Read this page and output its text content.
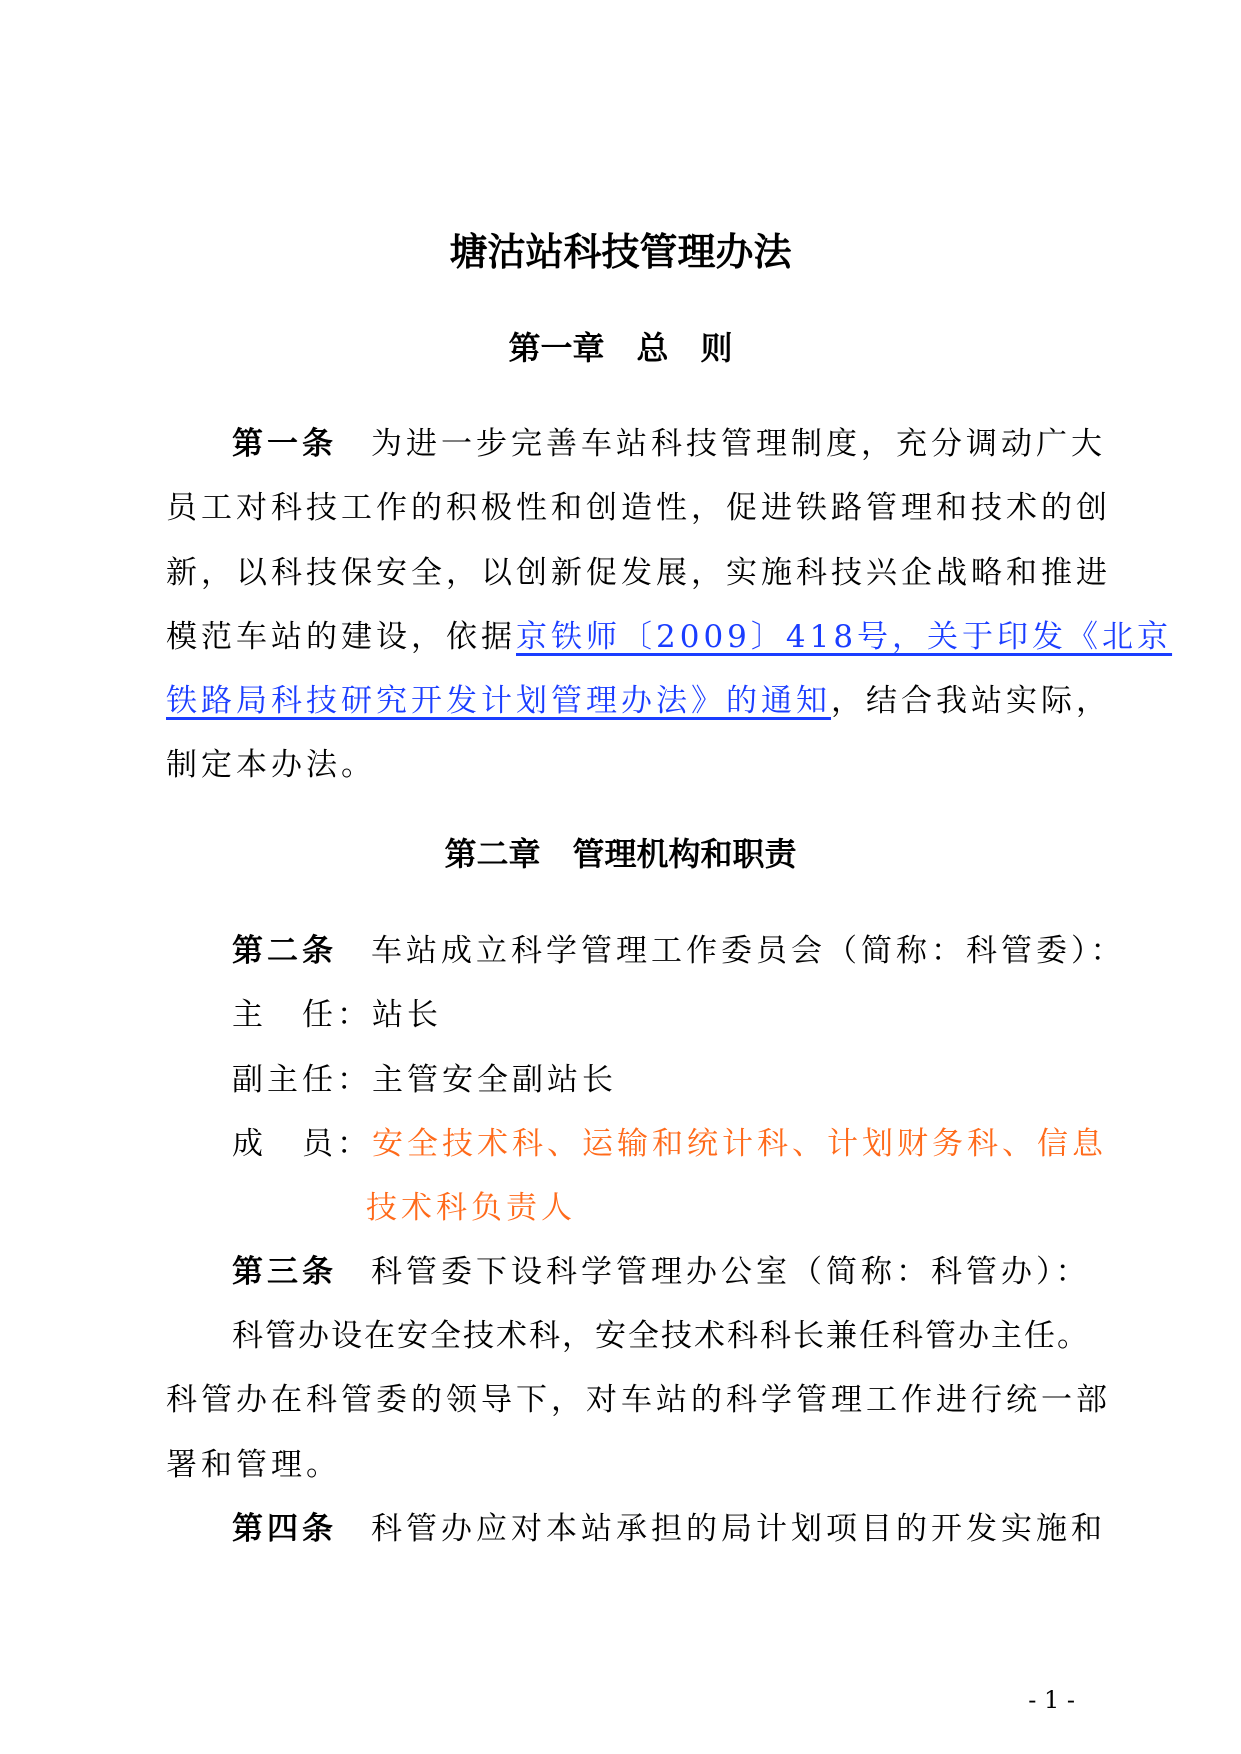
塘沽站科技管理办法
第一章　总　则
第一条 为进一步完善车站科技管理制度，充分调动广大
员工对科技工作的积极性和创造性，促进铁路管理和技术的创
新，以科技保安全，以创新促发展，实施科技兴企战略和推进
模范车站的建设，依据京铁师〔2009〕418号，关于印发《北京
铁路局科技研究开发计划管理办法》的通知，结合我站实际，
制定本办法。
第二章　管理机构和职责
第二条 车站成立科学管理工作委员会（简称：科管委）：
主　任：站长
副主任：主管安全副站长
成　员：安全技术科、运输和统计科、计划财务科、信息
技术科负责人
第三条 科管委下设科学管理办公室（简称：科管办）：
科管办设在安全技术科，安全技术科科长兼任科管办主任。
科管办在科管委的领导下，对车站的科学管理工作进行统一部
署和管理。
第四条 科管办应对本站承担的局计划项目的开发实施和
- 1 -
